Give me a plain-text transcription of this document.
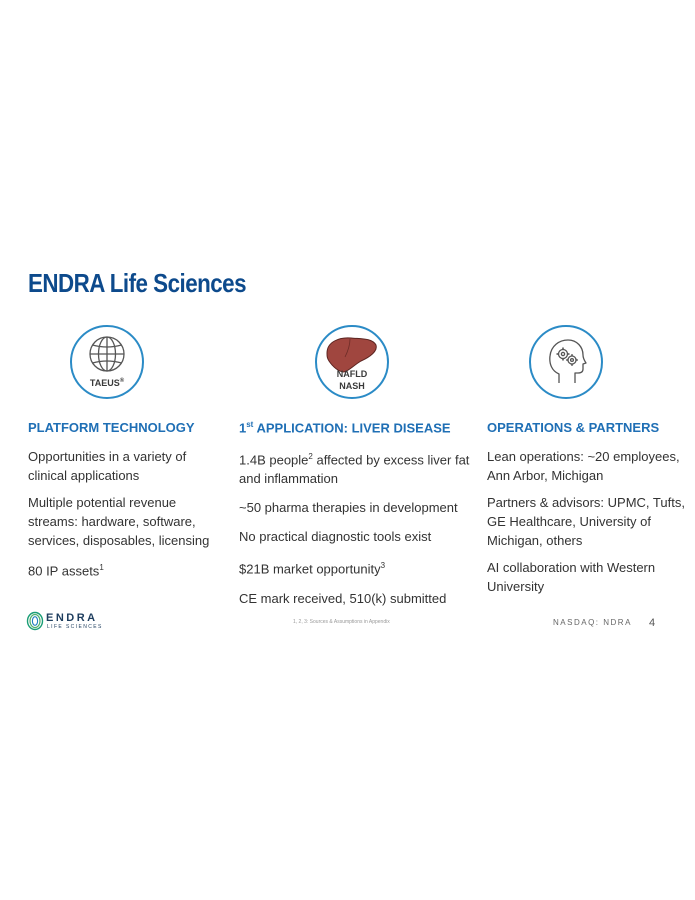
ENDRA Life Sciences
TAEUS®
PLATFORM TECHNOLOGY

Opportunities in a variety of clinical applications

Multiple potential revenue streams: hardware, software, services, disposables, licensing

80 IP assets$^1$

NAFLD
NASH
1st APPLICATION: LIVER DISEASE

1.4B people$^2$ affected by excess liver fat and inflammation

~50 pharma therapies in development

No practical diagnostic tools exist

$21B market opportunity$^3$

CE mark received, 510(k) submitted

OPERATIONS & PARTNERS

Lean operations: ~20 employees, Ann Arbor, Michigan

Partners & advisors: UPMC, Tufts, GE Healthcare, University of Michigan, others

AI collaboration with Western University

ENDRA
LIFE SCIENCES
1, 2, 3: Sources & Assumptions in Appendix	NASDAQ: NDRA 4
